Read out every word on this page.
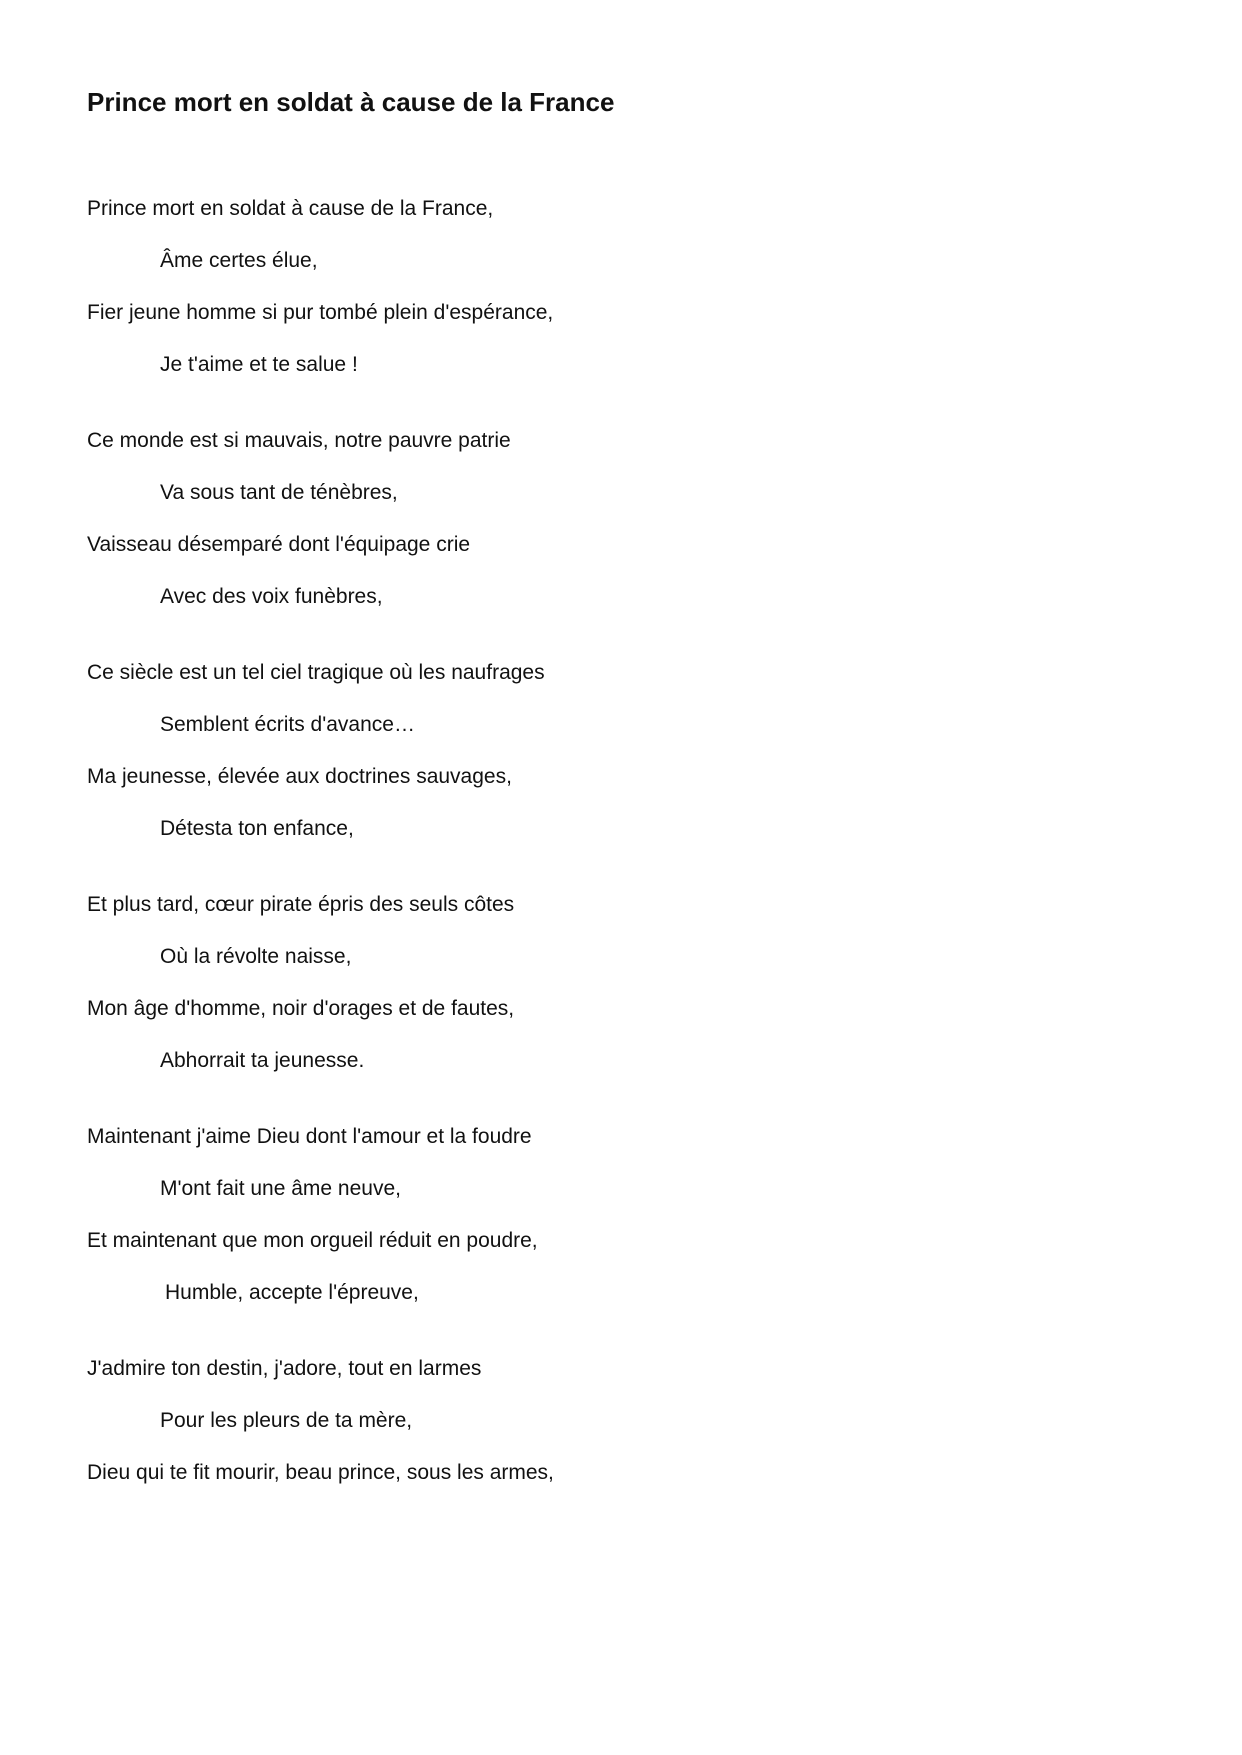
Prince mort en soldat à cause de la France
Prince mort en soldat à cause de la France,
Âme certes élue,
Fier jeune homme si pur tombé plein d'espérance,
Je t'aime et te salue !
Ce monde est si mauvais, notre pauvre patrie
Va sous tant de ténèbres,
Vaisseau désemparé dont l'équipage crie
Avec des voix funèbres,
Ce siècle est un tel ciel tragique où les naufrages
Semblent écrits d'avance…
Ma jeunesse, élevée aux doctrines sauvages,
Détesta ton enfance,
Et plus tard, cœur pirate épris des seuls côtes
Où la révolte naisse,
Mon âge d'homme, noir d'orages et de fautes,
Abhorrait ta jeunesse.
Maintenant j'aime Dieu dont l'amour et la foudre
M'ont fait une âme neuve,
Et maintenant que mon orgueil réduit en poudre,
Humble, accepte l'épreuve,
J'admire ton destin, j'adore, tout en larmes
Pour les pleurs de ta mère,
Dieu qui te fit mourir, beau prince, sous les armes,
